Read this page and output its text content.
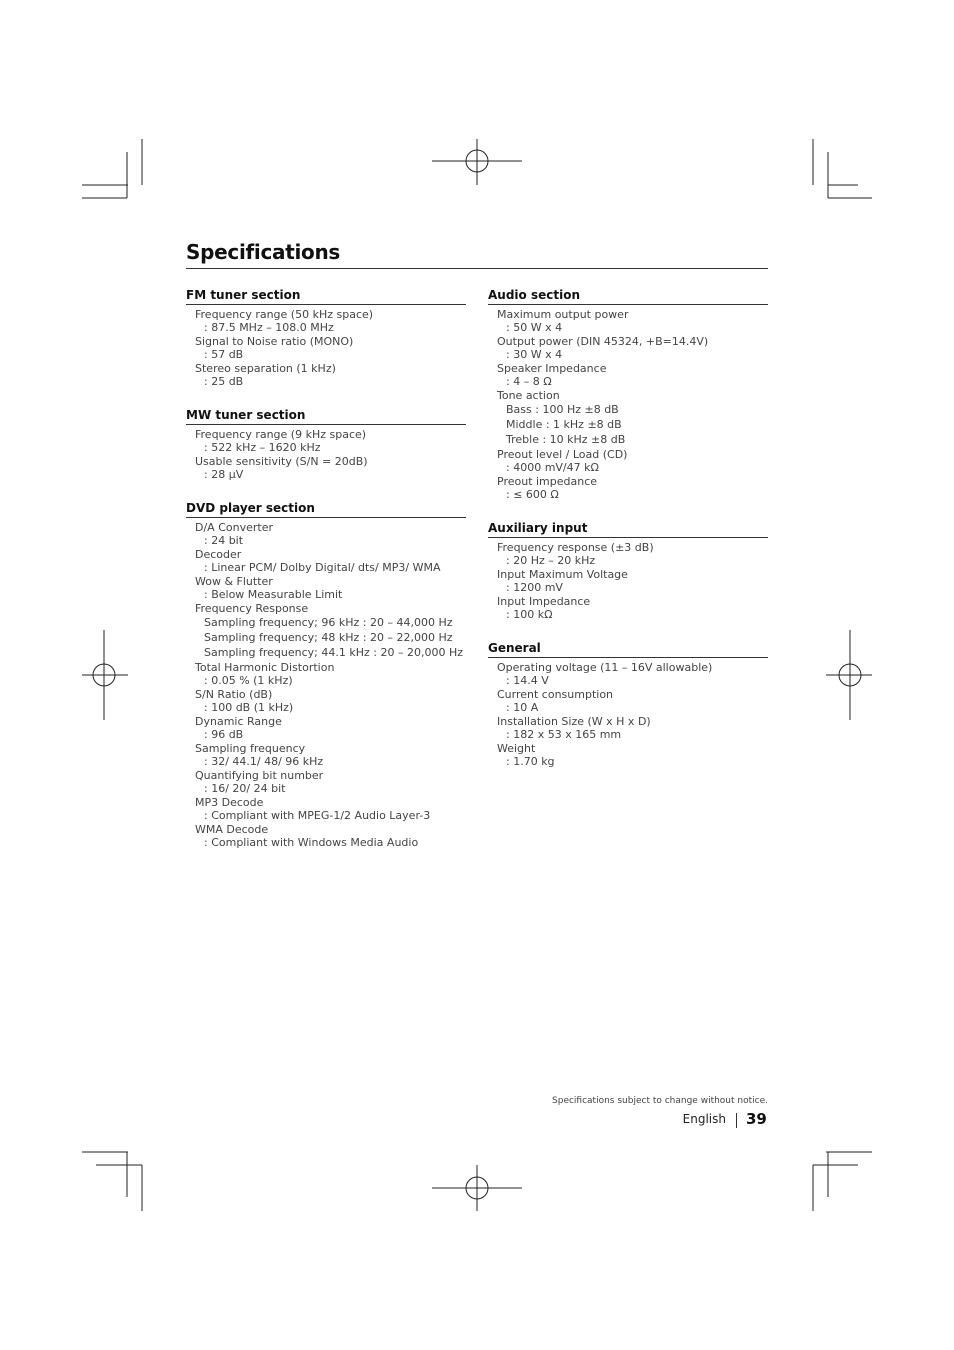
Specifications
FM tuner section
Frequency range (50 kHz space)
: 87.5 MHz – 108.0 MHz
Signal to Noise ratio (MONO)
: 57 dB
Stereo separation (1 kHz)
: 25 dB
MW tuner section
Frequency range (9 kHz space)
: 522 kHz – 1620 kHz
Usable sensitivity (S/N = 20dB)
: 28 μV
DVD player section
D/A Converter
: 24 bit
Decoder
: Linear PCM/ Dolby Digital/ dts/ MP3/ WMA
Wow & Flutter
: Below Measurable Limit
Frequency Response
Sampling frequency; 96 kHz : 20 – 44,000 Hz
Sampling frequency; 48 kHz : 20 – 22,000 Hz
Sampling frequency; 44.1 kHz : 20 – 20,000 Hz
Total Harmonic Distortion
: 0.05 % (1 kHz)
S/N Ratio (dB)
: 100 dB (1 kHz)
Dynamic Range
: 96 dB
Sampling frequency
: 32/ 44.1/ 48/ 96 kHz
Quantifying bit number
: 16/ 20/ 24 bit
MP3 Decode
: Compliant with MPEG-1/2 Audio Layer-3
WMA Decode
: Compliant with Windows Media Audio
Audio section
Maximum output power
: 50 W x 4
Output power (DIN 45324, +B=14.4V)
: 30 W x 4
Speaker Impedance
: 4 – 8 Ω
Tone action
Bass : 100 Hz ±8 dB
Middle : 1 kHz ±8 dB
Treble : 10 kHz ±8 dB
Preout level / Load (CD)
: 4000 mV/47 kΩ
Preout impedance
: ≤ 600 Ω
Auxiliary input
Frequency response (±3 dB)
: 20 Hz – 20 kHz
Input Maximum Voltage
: 1200 mV
Input Impedance
: 100 kΩ
General
Operating voltage (11 – 16V allowable)
: 14.4 V
Current consumption
: 10 A
Installation Size (W x H x D)
: 182 x 53 x 165 mm
Weight
: 1.70 kg
Specifications subject to change without notice.
English 39
